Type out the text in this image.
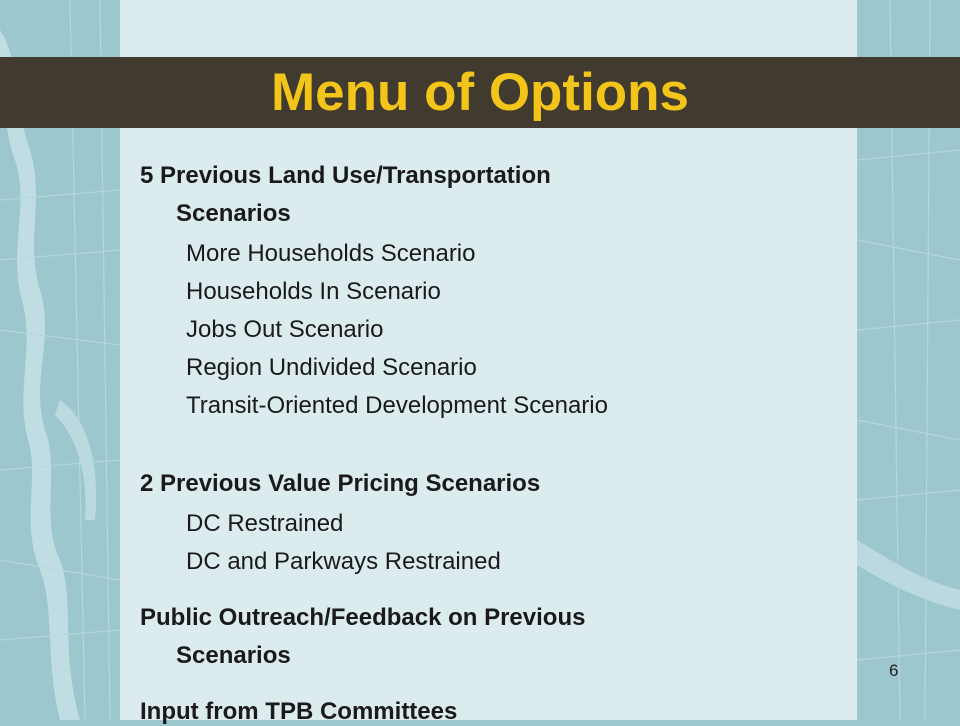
Menu of Options
5 Previous Land Use/Transportation
Scenarios
More Households Scenario
Households In Scenario
Jobs Out Scenario
Region Undivided Scenario
Transit-Oriented Development Scenario
2 Previous Value Pricing Scenarios
DC Restrained
DC and Parkways Restrained
Public Outreach/Feedback on Previous
Scenarios
Input from TPB Committees
6
